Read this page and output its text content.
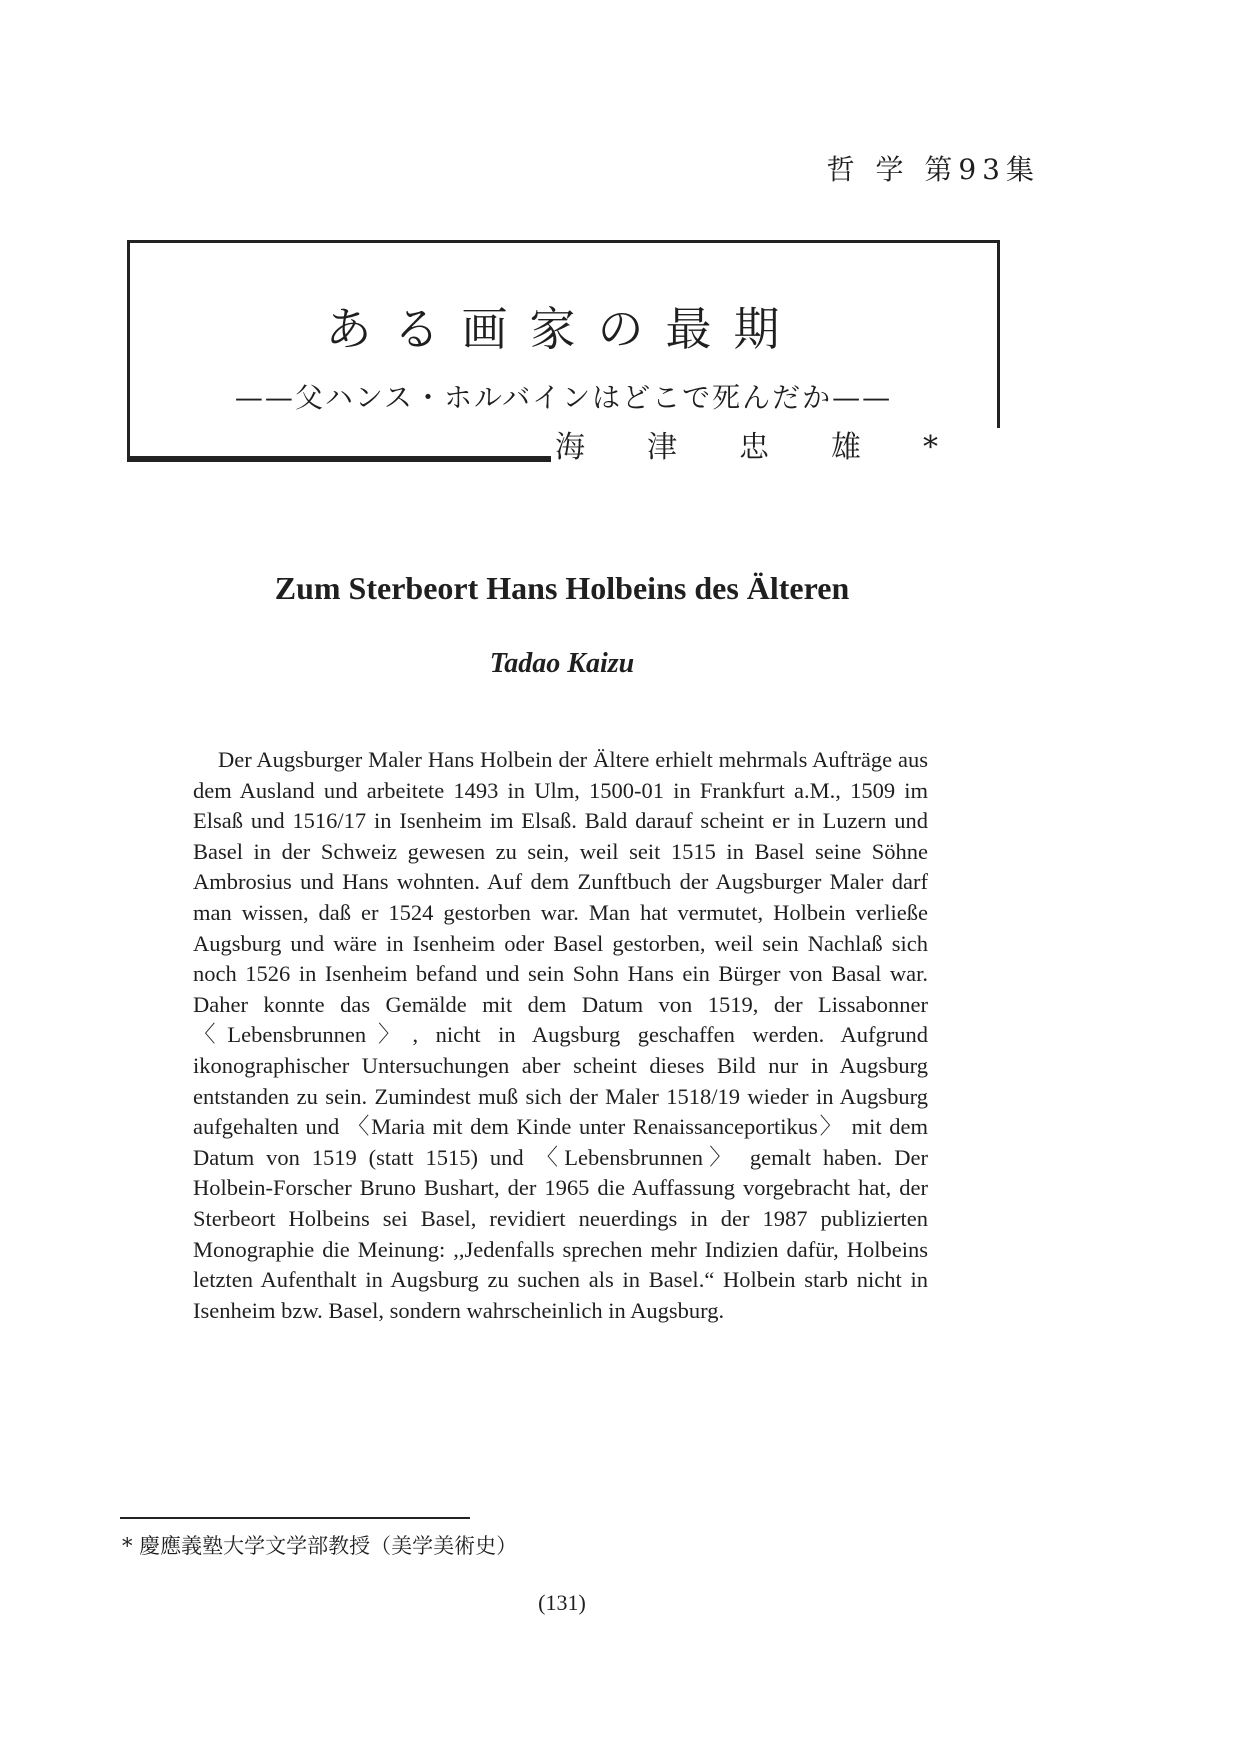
哲 学 第93集
ある画家の最期
——父ハンス・ホルバインはどこで死んだか——
海津忠雄*
Zum Sterbeort Hans Holbeins des Älteren
Tadao Kaizu

Der Augsburger Maler Hans Holbein der Ältere erhielt mehrmals Aufträge aus dem Ausland und arbeitete 1493 in Ulm, 1500-01 in Frankfurt a.M., 1509 im Elsaß und 1516/17 in Isenheim im Elsaß. Bald darauf scheint er in Luzern und Basel in der Schweiz gewesen zu sein, weil seit 1515 in Basel seine Söhne Ambrosius und Hans wohnten. Auf dem Zunftbuch der Augsburger Maler darf man wissen, daß er 1524 gestorben war. Man hat vermutet, Holbein verließe Augsburg und wäre in Isenheim oder Basel gestorben, weil sein Nachlaß sich noch 1526 in Isenheim befand und sein Sohn Hans ein Bürger von Basal war. Daher konnte das Gemälde mit dem Datum von 1519, der Lissabonner 〈Lebensbrunnen〉, nicht in Augsburg geschaffen werden. Aufgrund ikonographischer Untersuchungen aber scheint dieses Bild nur in Augsburg entstanden zu sein. Zumindest muß sich der Maler 1518/19 wieder in Augsburg aufgehalten und 〈Maria mit dem Kinde unter Renaissanceportikus〉 mit dem Datum von 1519 (statt 1515) und 〈Lebensbrunnen〉 gemalt haben. Der Holbein-Forscher Bruno Bushart, der 1965 die Auffassung vorgebracht hat, der Sterbeort Holbeins sei Basel, revidiert neuerdings in der 1987 publizierten Monographie die Meinung: ,,Jedenfalls sprechen mehr Indizien dafür, Holbeins letzten Aufenthalt in Augsburg zu suchen als in Basel.“ Holbein starb nicht in Isenheim bzw. Basel, sondern wahrscheinlich in Augsburg.

* 慶應義塾大学文学部教授（美学美術史）
(131)
